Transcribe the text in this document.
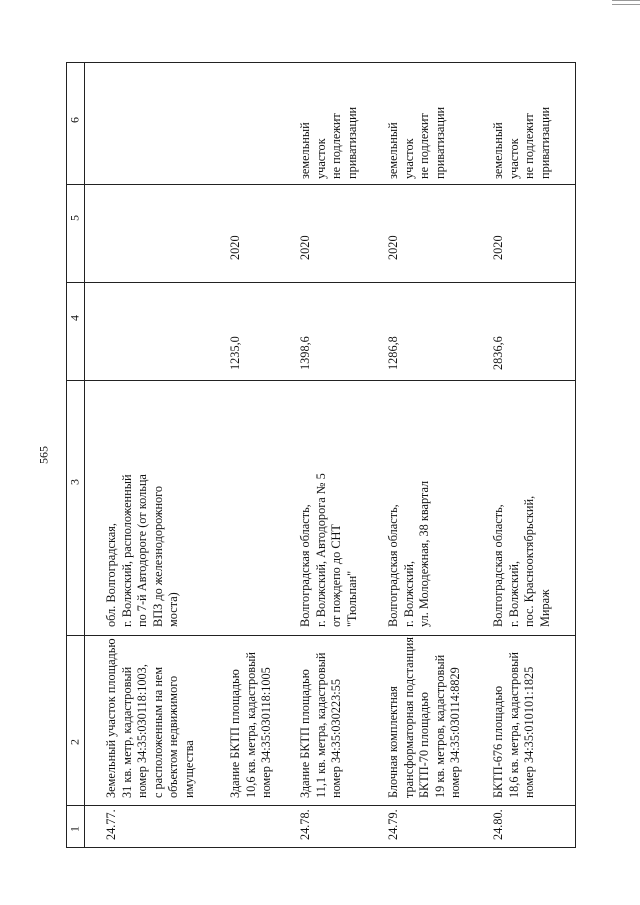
565
1
2
3
4
5
6
24.77.
Земельный участок площадью
31 кв. метр, кадастровый
номер 34:35:030118:1003,
с расположенным на нем
объектом недвижимого
имущества
обл. Волгоградская,
г. Волжский, расположенный
по 7-й Автодороге (от кольца
ВПЗ до железнодорожного
моста)
земельный
участок
не подлежит
приватизации
Здание БКТП площадью
10,6 кв. метра, кадастровый
номер 34:35:030118:1005
1235,0
2020
24.78.
Здание БКТП площадью
11,1 кв. метра, кадастровый
номер 34:35:030223:55
Волгоградская область,
г. Волжский, Автодорога № 5
от пождепо до СНТ
"Тюльпан"
1398,6
2020
24.79.
Блочная комплектная
трансформаторная подстанция
БКТП-70 площадью
19 кв. метров, кадастровый
номер 34:35:030114:8829
Волгоградская область,
г. Волжский,
ул. Молодежная, 38 квартал
1286,8
2020
земельный
участок
не подлежит
приватизации
24.80.
БКТП-676 площадью
18,6 кв. метра, кадастровый
номер 34:35:010101:1825
Волгоградская область,
г. Волжский,
пос. Краснооктябрьский,
Мираж
2836,6
2020
земельный
участок
не подлежит
приватизации
